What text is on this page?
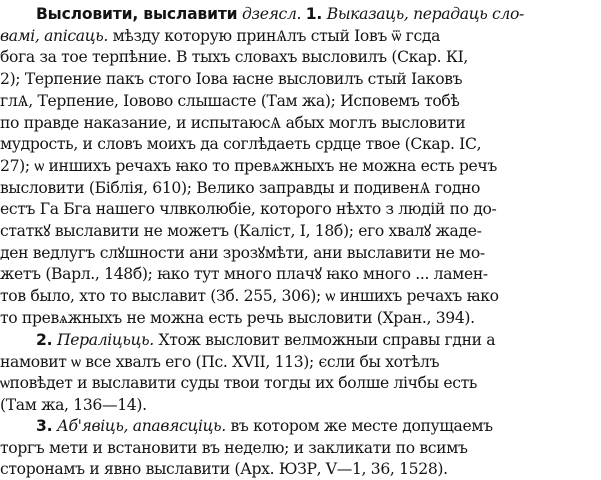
Высловити, выславити дзеясл. 1. Выказаць, перадаць сло-
вамі, апісаць. мѣзду которую принѦлъ стый Іовъ ѿ гсда
бога за тое терпѣние. В тыхъ словахъ высловилъ (Скар. КІ,
2); Терпение пакъ стого Іова ꙗсне высловилъ стый Іаковъ
глѦ, Терпение, Іовово слышасте (Там жа); Исповемъ тобѣ
по правде наказание, и испытаюсѦ абых моглъ высловити
мудрость, и словъ моихъ да соглѣдаеть срдце твое (Скар. ІС,
27); ѡ иншихъ речахъ ꙗко то превѧжныхъ не можна есть речъ
высловити (Біблія, 610); Велико заправды и подивенѦ годно
естъ Га Бга нашего члвколюбіе, которого нѣхто з людій по до-
статкꙋ выславити не можетъ (Каліст, І, 18б); его хвалꙋ жаде-
ден ведлугъ слꙋшности ани зрозꙋмѣти, ани выславити не мо-
жетъ (Варл., 148б); ꙗко тут много плачꙋ ꙗко много ... ламен-
тов было, хто то выславит (Зб. 255, 306); ѡ иншихъ речахъ ꙗко
то превѧжныхъ не можна есть речь высловити (Хран., 394).
2. Пераліцьць. Хтож высловит велможныи справы гдни а
намовит ѡ все хвалъ его (Пс. XVII, 113); єсли бы хотѣлъ
ѡповѣдет и выславити суды твои тогды их болше лічбы есть
(Там жа, 136—14).
3. Аб'явіць, апавясціць. въ котором же месте допущаемъ
торгъ мети и встановити въ неделю; и закликати по всимъ
сторонамъ и явно выславити (Арх. ЮЗР, V—1, 36, 1528).
